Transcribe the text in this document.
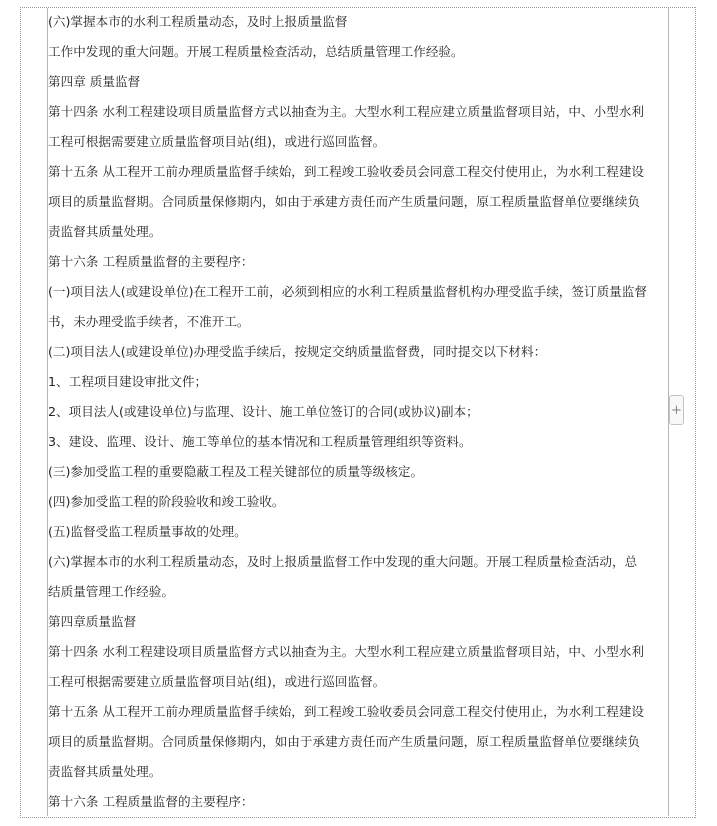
(六)掌握本市的水利工程质量动态，及时上报质量监督
工作中发现的重大问题。开展工程质量检查活动，总结质量管理工作经验。
第四章 质量监督
第十四条 水利工程建设项目质量监督方式以抽查为主。大型水利工程应建立质量监督项目站，中、小型水利
工程可根据需要建立质量监督项目站(组)，或进行巡回监督。
第十五条 从工程开工前办理质量监督手续始，到工程竣工验收委员会同意工程交付使用止，为水利工程建设
项目的质量监督期。合同质量保修期内，如由于承建方责任而产生质量问题，原工程质量监督单位要继续负
责监督其质量处理。
第十六条 工程质量监督的主要程序：
(一)项目法人(或建设单位)在工程开工前，必须到相应的水利工程质量监督机构办理受监手续，签订质量监督
书，未办理受监手续者，不准开工。
(二)项目法人(或建设单位)办理受监手续后，按规定交纳质量监督费，同时提交以下材料：
1、工程项目建设审批文件；
2、项目法人(或建设单位)与监理、设计、施工单位签订的合同(或协议)副本；
3、建设、监理、设计、施工等单位的基本情况和工程质量管理组织等资料。
(三)参加受监工程的重要隐蔽工程及工程关键部位的质量等级核定。
(四)参加受监工程的阶段验收和竣工验收。
(五)监督受监工程质量事故的处理。
(六)掌握本市的水利工程质量动态，及时上报质量监督工作中发现的重大问题。开展工程质量检查活动，总
结质量管理工作经验。
第四章质量监督
第十四条 水利工程建设项目质量监督方式以抽查为主。大型水利工程应建立质量监督项目站，中、小型水利
工程可根据需要建立质量监督项目站(组)，或进行巡回监督。
第十五条 从工程开工前办理质量监督手续始，到工程竣工验收委员会同意工程交付使用止，为水利工程建设
项目的质量监督期。合同质量保修期内，如由于承建方责任而产生质量问题，原工程质量监督单位要继续负
责监督其质量处理。
第十六条 工程质量监督的主要程序：
+
